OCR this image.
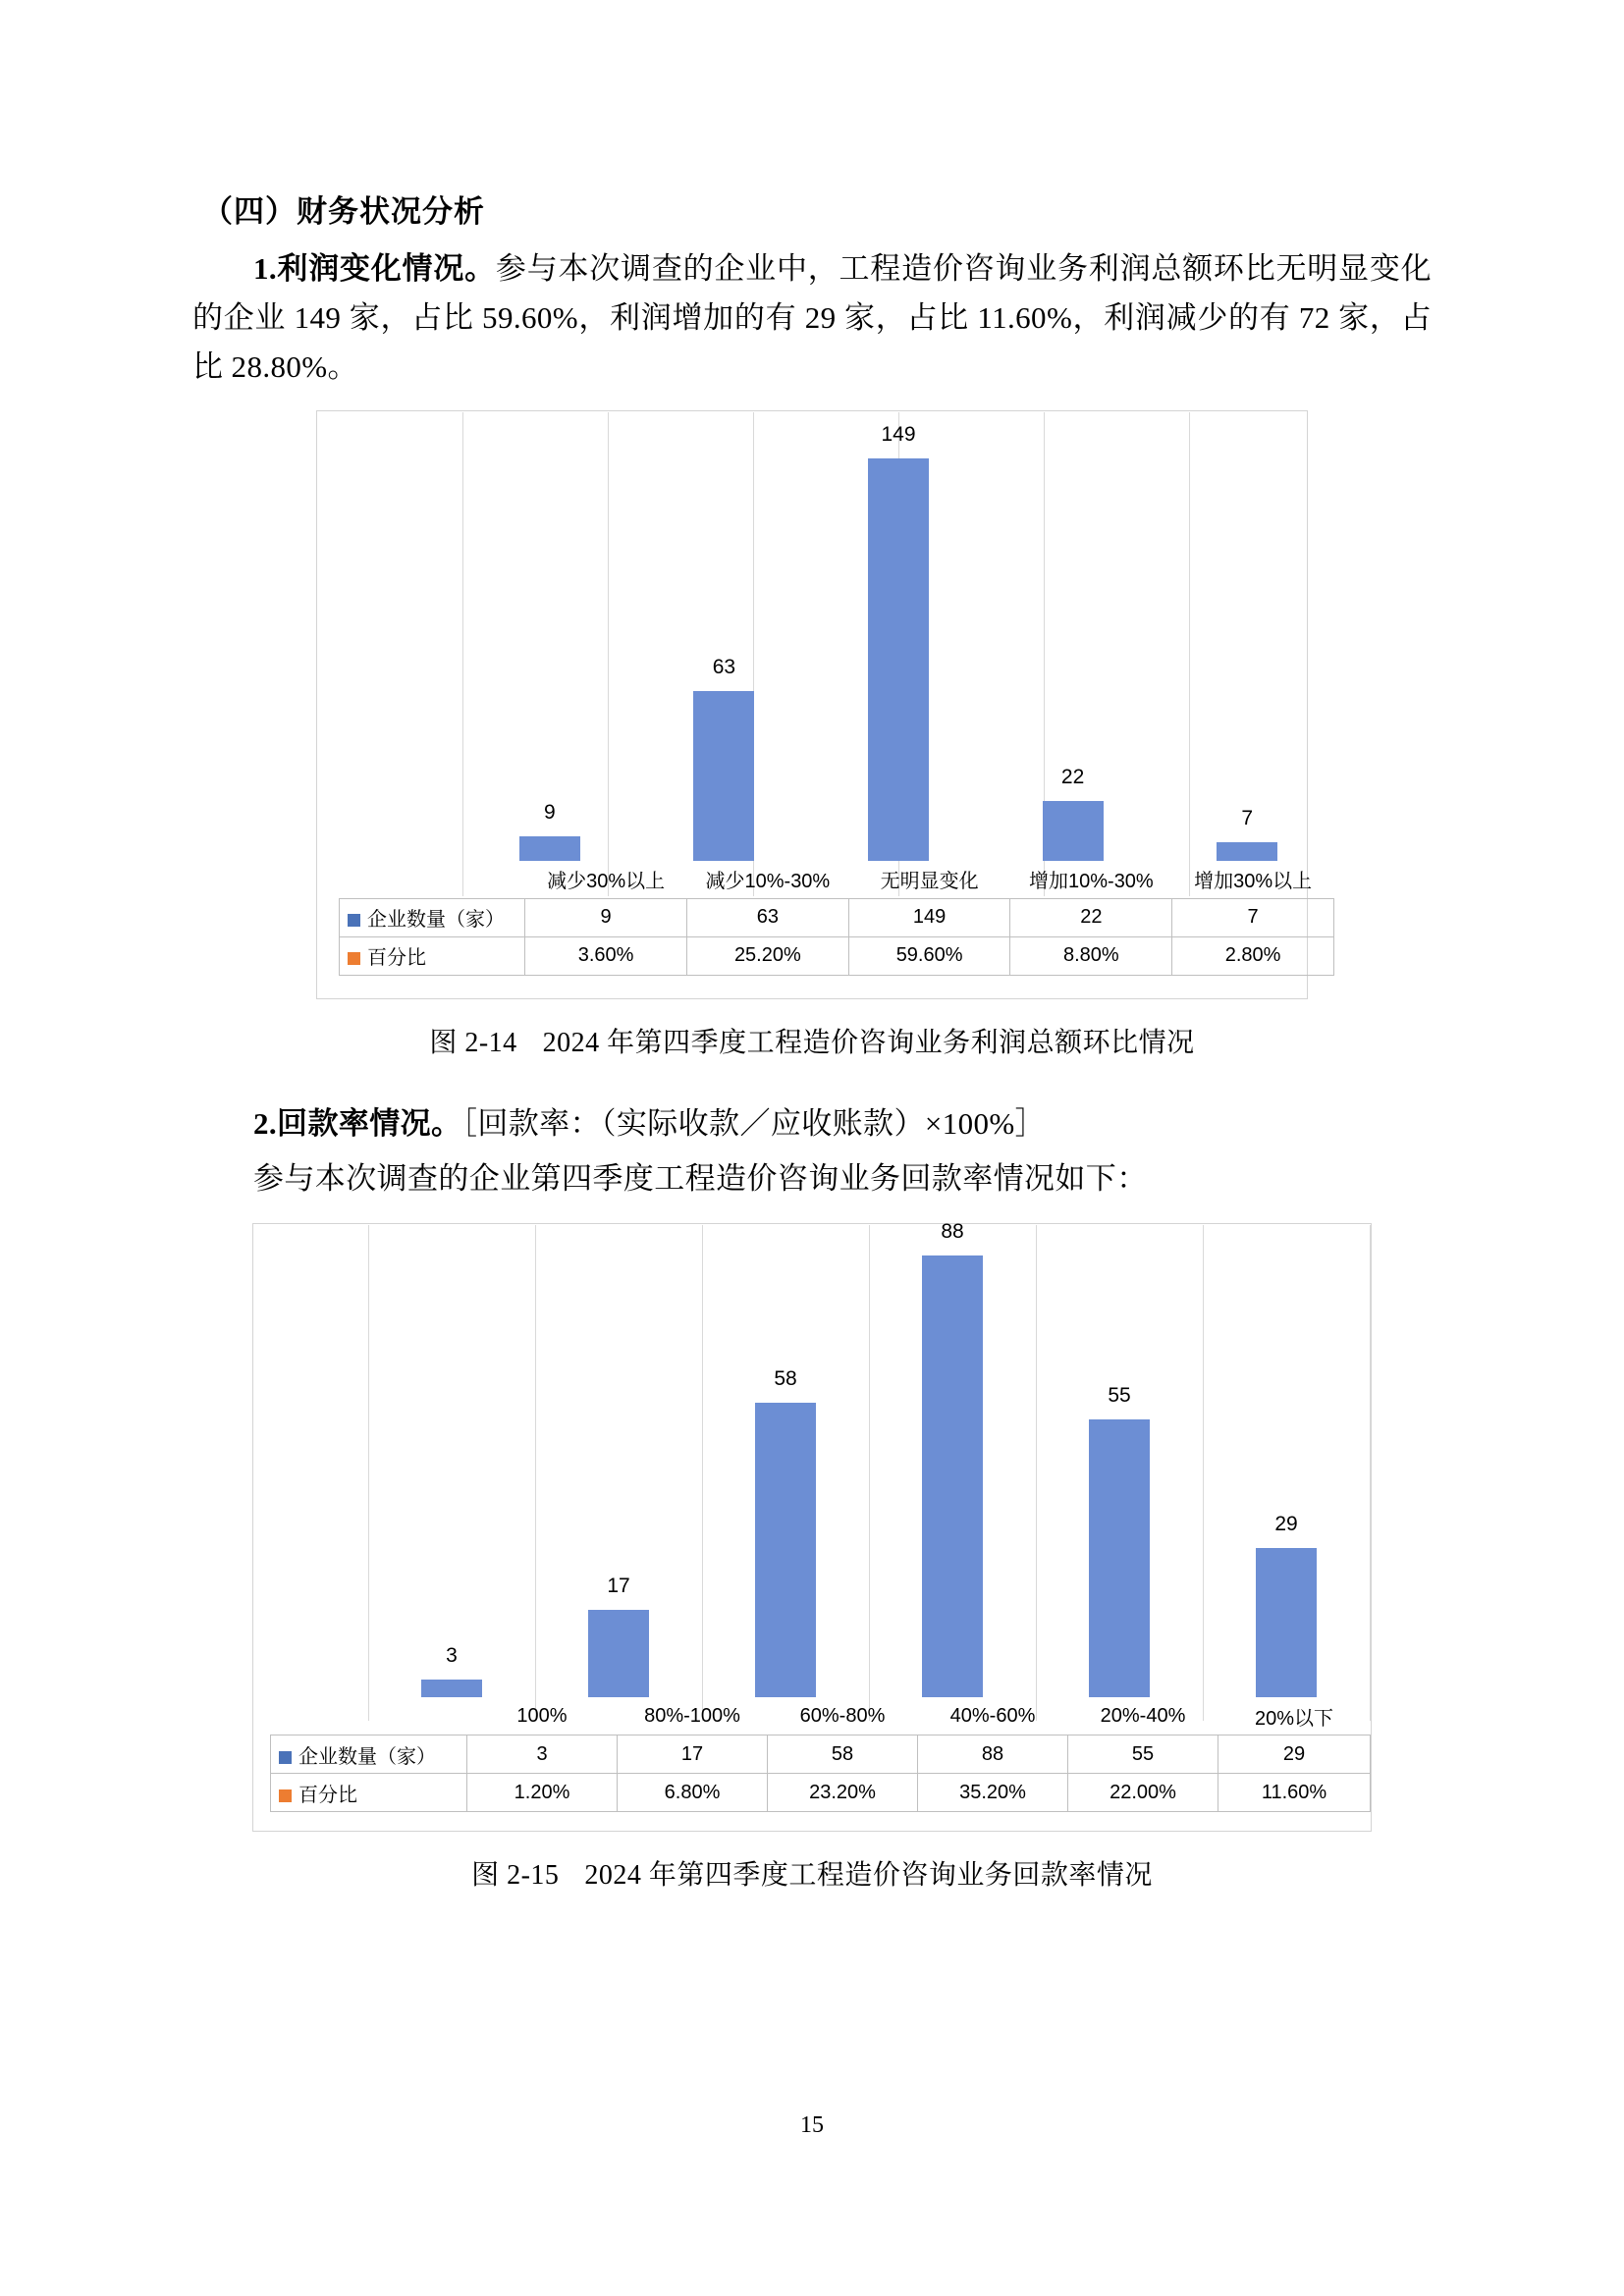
（四）财务状况分析

1.利润变化情况。参与本次调查的企业中，工程造价咨询业务利润总额环比无明显变化的企业 149 家，占比 59.60%，利润增加的有 29 家，占比 11.60%，利润减少的有 72 家，占比 28.80%。

9
63
149
22
7
	减少30%以上	减少10%-30%	无明显变化	增加10%-30%	增加30%以上
企业数量（家）	9	63	149	22	7
百分比	3.60%	25.20%	59.60%	8.80%	2.80%
图 2-14 2024 年第四季度工程造价咨询业务利润总额环比情况

2.回款率情况。［回款率：（实际收款／应收账款）×100%］

参与本次调查的企业第四季度工程造价咨询业务回款率情况如下：

3
17
58
88
55
29
	100%	80%-100%	60%-80%	40%-60%	20%-40%	20%以下
企业数量（家）	3	17	58	88	55	29
百分比	1.20%	6.80%	23.20%	35.20%	22.00%	11.60%
图 2-15 2024 年第四季度工程造价咨询业务回款率情况
15
